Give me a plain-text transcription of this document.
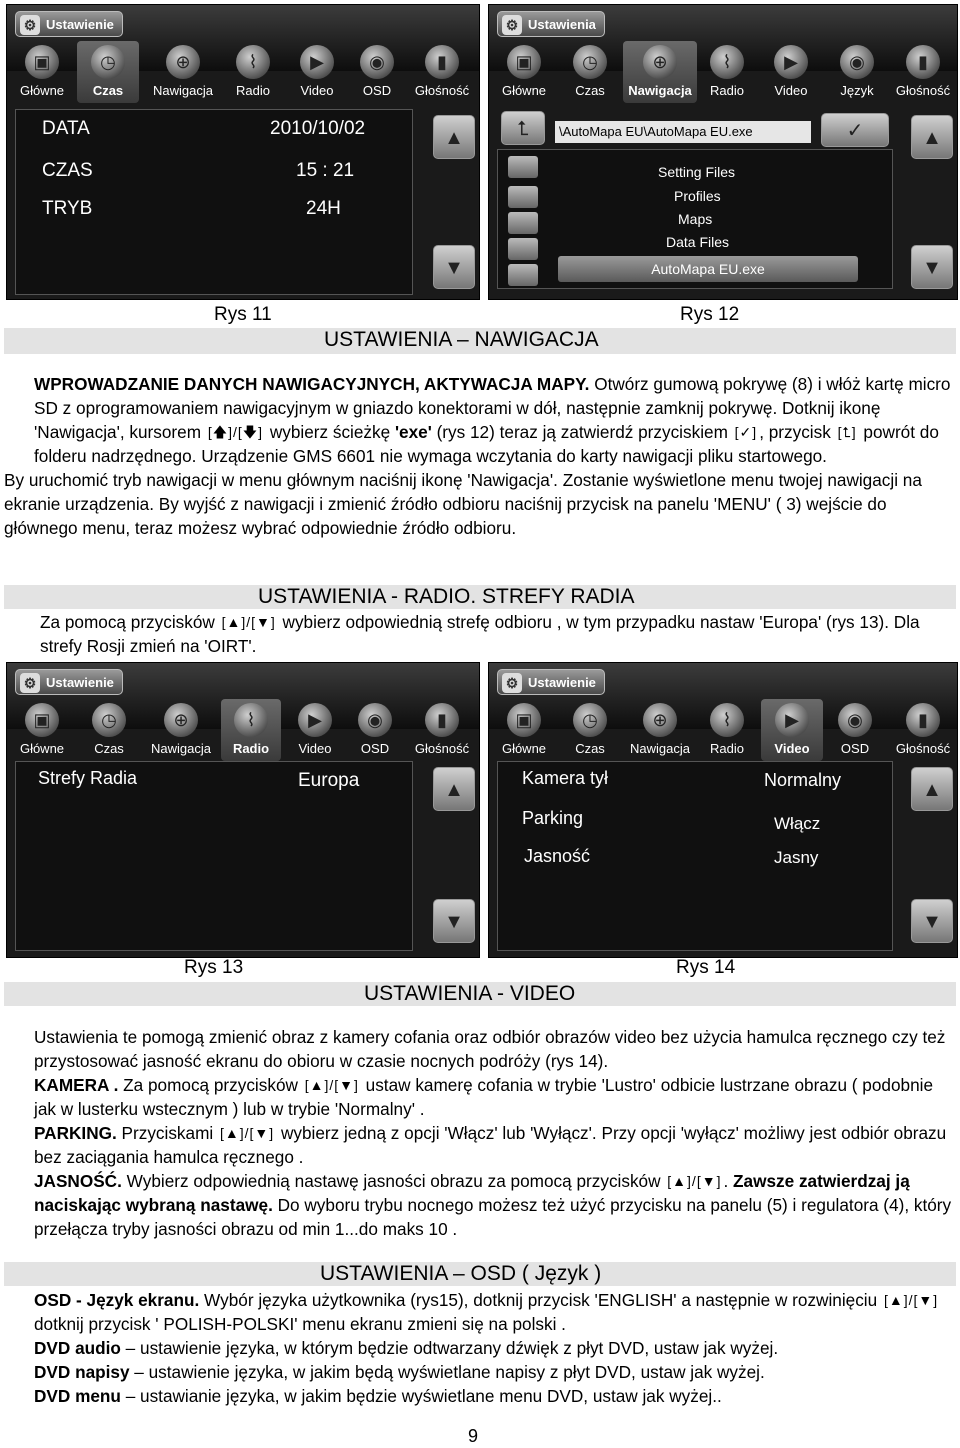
⚙ Ustawienie
▣
Główne
◷
Czas
⊕
Nawigacja
⌇
Radio
▶
Video
◉
OSD
▮
Głośność
DATA	2010/10/02
CZAS	15 : 21
TRYB	24H
▲
▼
⚙ Ustawienia
▣
Główne
◷
Czas
⊕
Nawigacja
⌇
Radio
▶
Video
◉
Język
▮
Głośność
⮤	\AutoMapa EU\AutoMapa EU.exe	✓
Setting Files
Profiles
Maps
Data Files
AutoMapa EU.exe
▲
▼
Rys 11	Rys 12
USTAWIENIA – NAWIGACJA

WPROWADZANIE DANYCH NAWIGACYJNYCH, AKTYWACJA MAPY. Otwórz gumową pokrywę (8) i włóż kartę micro SD z oprogramowaniem nawigacyjnym w gniazdo konektorami w dół, następnie zamknij pokrywę. Dotknij ikonę 'Nawigacja', kursorem [🡅]/[🡇] wybierz ścieżkę 'exe' (rys 12) teraz ją zatwierdź przyciskiem [✓] , przycisk [⮤] powrót do folderu nadrzędnego. Urządzenie GMS 6601 nie wymaga wczytania do karty nawigacji pliku startowego.

By uruchomić tryb nawigacji w menu głównym naciśnij ikonę 'Nawigacja'. Zostanie wyświetlone menu twojej nawigacji na ekranie urządzenia. By wyjść z nawigacji i zmienić źródło odbioru naciśnij przycisk na panelu 'MENU' ( 3) wejście do głównego menu, teraz możesz wybrać odpowiednie źródło odbioru.

USTAWIENIA - RADIO. STREFY RADIA

Za pomocą przycisków [▲]/[▼] wybierz odpowiednią strefę odbioru , w tym przypadku nastaw 'Europa' (rys 13). Dla strefy Rosji zmień na 'OIRT'.

⚙ Ustawienie
▣
Główne
◷
Czas
⊕
Nawigacja
⌇
Radio
▶
Video
◉
OSD
▮
Głośność
Strefy Radia	Europa	▲
▼
⚙ Ustawienie
▣
Główne
◷
Czas
⊕
Nawigacja
⌇
Radio
▶
Video
◉
OSD
▮
Głośność
Kamera tył	Normalny
Parking	Włącz
Jasność	Jasny
▲
▼
Rys 13	Rys 14
USTAWIENIA - VIDEO

Ustawienia te pomogą zmienić obraz z kamery cofania oraz odbiór obrazów video bez użycia hamulca ręcznego czy też przystosować jasność ekranu do obioru w czasie nocnych podróży (rys 14).

KAMERA . Za pomocą przycisków [▲]/[▼] ustaw kamerę cofania w trybie 'Lustro' odbicie lustrzane obrazu ( podobnie jak w lusterku wstecznym ) lub w trybie 'Normalny' .

PARKING. Przyciskami [▲]/[▼] wybierz jedną z opcji 'Włącz' lub 'Wyłącz'. Przy opcji 'wyłącz' możliwy jest odbiór obrazu bez zaciągania hamulca ręcznego .

JASNOŚĆ. Wybierz odpowiednią nastawę jasności obrazu za pomocą przycisków [▲]/[▼] . Zawsze zatwierdzaj ją naciskając wybraną nastawę. Do wyboru trybu nocnego możesz też użyć przycisku na panelu (5) i regulatora (4), który przełącza tryby jasności obrazu od min 1...do maks 10 .

USTAWIENIA – OSD ( Język )

OSD - Język ekranu. Wybór języka użytkownika (rys15), dotknij przycisk 'ENGLISH' a następnie w rozwinięciu [▲]/[▼] dotknij przycisk ' POLISH-POLSKI' menu ekranu zmieni się na polski .

DVD audio – ustawienie języka, w którym będzie odtwarzany dźwięk z płyt DVD, ustaw jak wyżej.

DVD napisy – ustawienie języka, w jakim będą wyświetlane napisy z płyt DVD, ustaw jak wyżej.

DVD menu – ustawianie języka, w jakim będzie wyświetlane menu DVD, ustaw jak wyżej..

9
